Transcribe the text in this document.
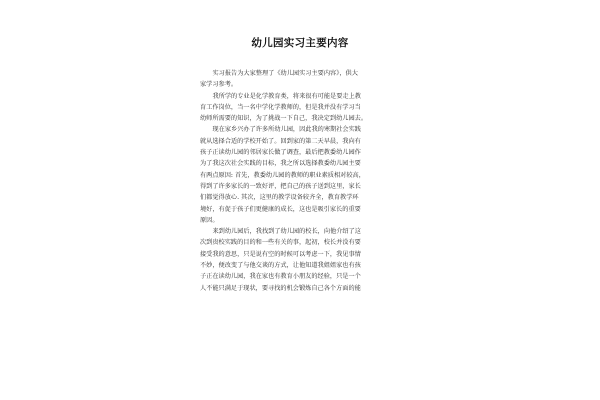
幼儿园实习主要内容
实习报告为大家整理了《幼儿园实习主要内容》，供大
家学习参考。
我所学的专业是化学教育类，将来很有可能是要走上教
育工作岗位，当一名中学化学教师的，但是我并没有学习当
幼师所需要的知识，为了挑战一下自己，我决定到幼儿园去。
现在家乡兴办了许多所幼儿园，因此我的寒期社会实践
就从选择合适的学校开始了。回到家的第二天早晨，我向有
孩子正读幼儿园的邻居家长做了调查，最后把教委幼儿园作
为了我这次社会实践的目标，我之所以选择教委幼儿园主要
有两点原因: 首先，教委幼儿园的教师的职业素质相对较高，
得到了许多家长的一致好评，把自己的孩子送到这里，家长
们都觉得放心. 其次，这里的教学设备较齐全，教育教学环
境好，有促于孩子们更健康的成长，这也是吸引家长的重要
原因。
来到幼儿园后，我找到了幼儿园的校长，向他介绍了这
次到贵校实践的目的和一些有关的事，起初，校长并没有要
接受我的意思，只是说有空的时候可以考虑一下，我见事情
不妙，便改变了与他交谈的方式，让他知道我姐姐家也有孩
子正在读幼儿园，我在家也有教育小朋友的经验，只是一个
人不能只满足于现状，要寻找的机会锻炼自己各个方面的能
